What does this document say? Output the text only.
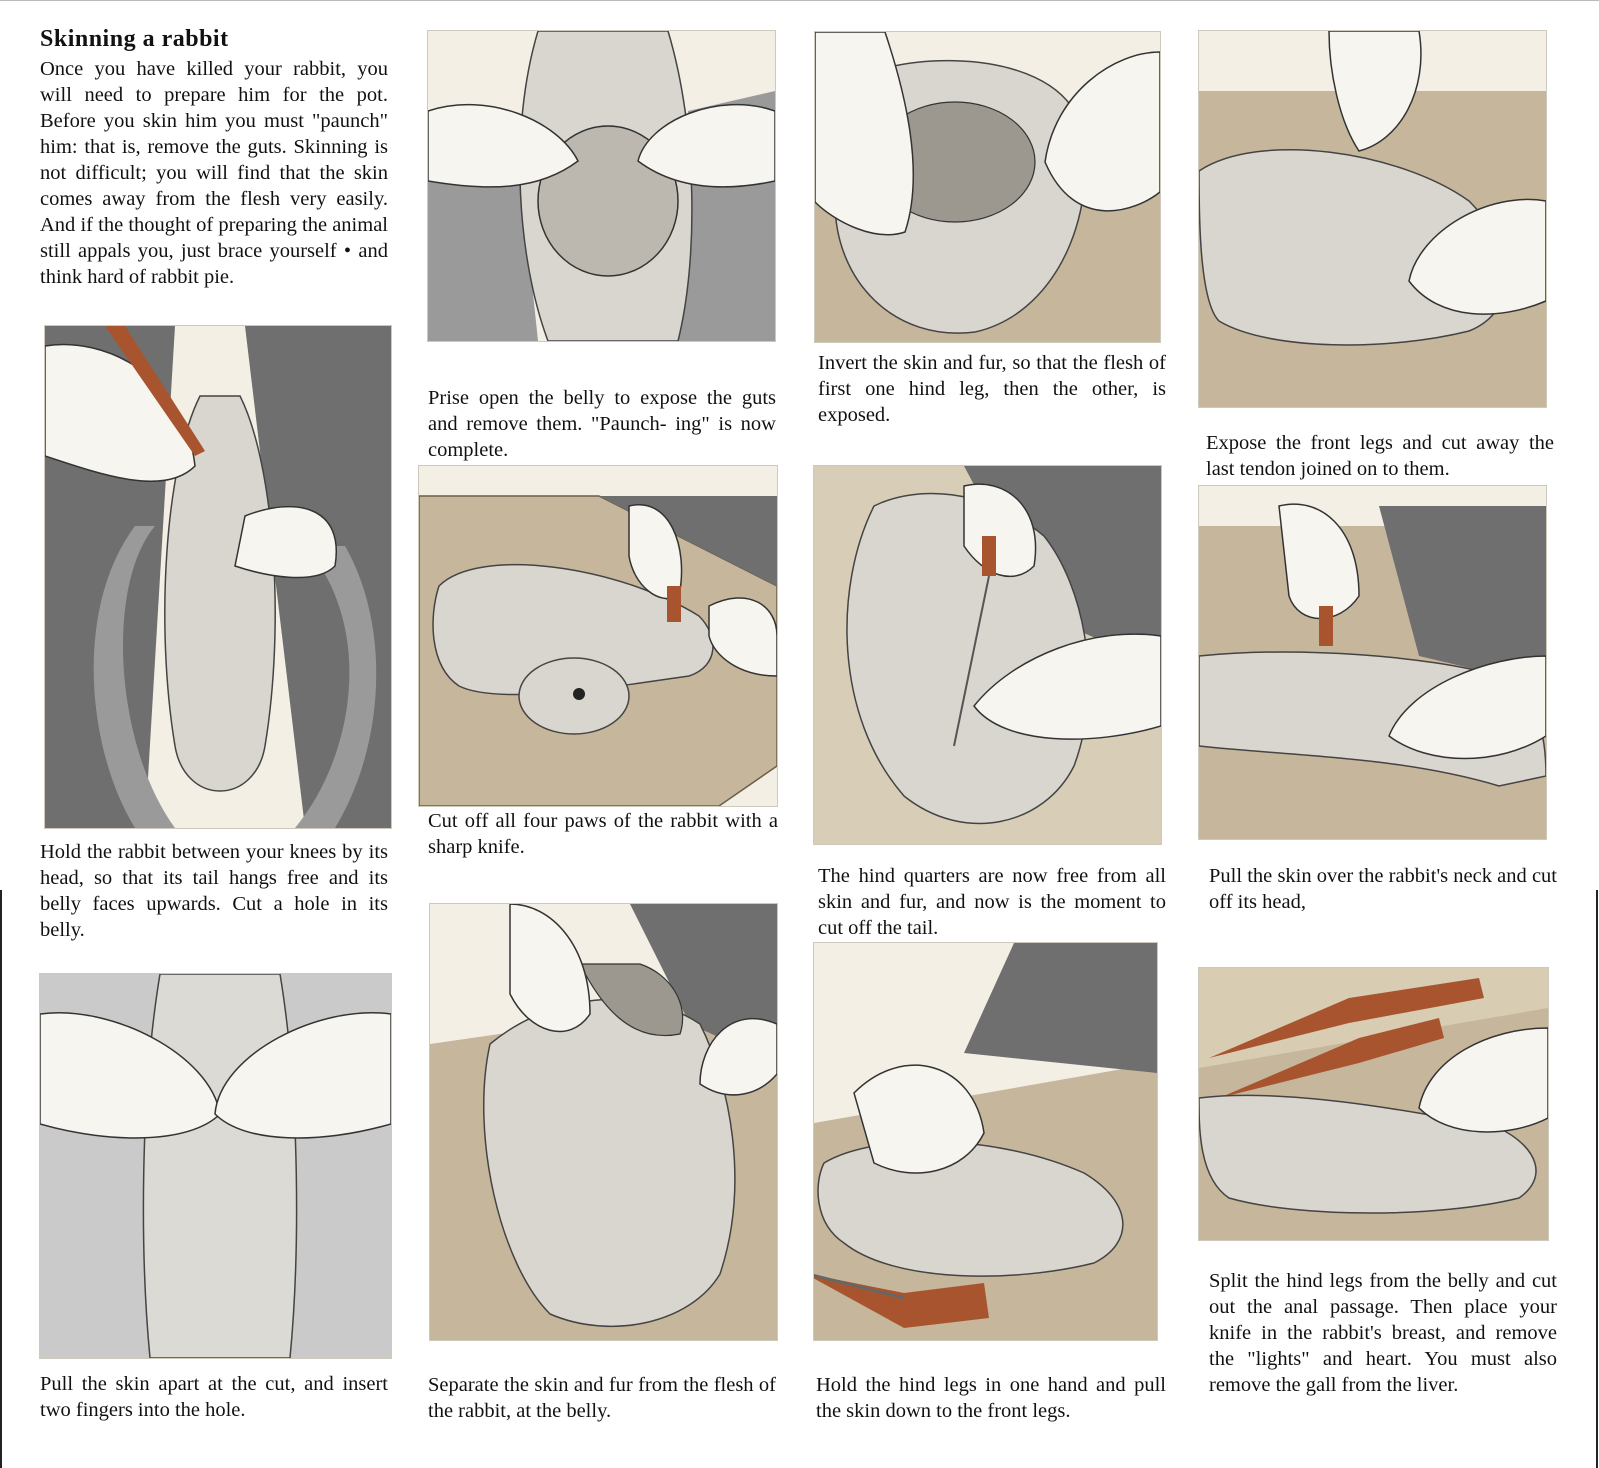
Skinning a rabbit
Once you have killed your rabbit, you will need to prepare him for the pot. Before you skin him you must "paunch" him: that is, remove the guts. Skinning is not difficult; you will find that the skin comes away from the flesh very easily. And if the thought of preparing the animal still appals you, just brace yourself • and think hard of rabbit pie.
Hold the rabbit between your knees by its head, so that its tail hangs free and its belly faces upwards. Cut a hole in its belly.
Pull the skin apart at the cut, and insert two fingers into the hole.
Prise open the belly to expose the guts and remove them. "Paunch- ing" is now complete.
Cut off all four paws of the rabbit with a sharp knife.
Separate the skin and fur from the flesh of the rabbit, at the belly.
Invert the skin and fur, so that the flesh of first one hind leg, then the other, is exposed.
The hind quarters are now free from all skin and fur, and now is the moment to cut off the tail.
Hold the hind legs in one hand and pull the skin down to the front legs.
Expose the front legs and cut away the last tendon joined on to them.
Pull the skin over the rabbit's neck and cut off its head,
Split the hind legs from the belly and cut out the anal passage. Then place your knife in the rabbit's breast, and remove the "lights" and heart. You must also remove the gall from the liver.
